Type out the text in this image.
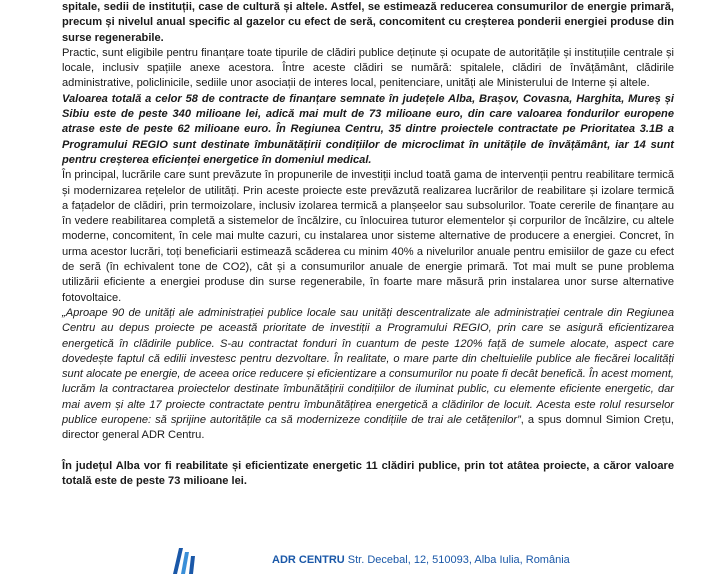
spitale, sedii de instituții, case de cultură și altele. Astfel, se estimează reducerea consumurilor de energie primară, precum și nivelul anual specific al gazelor cu efect de seră, concomitent cu creșterea ponderii energiei produse din surse regenerabile.

Practic, sunt eligibile pentru finanțare toate tipurile de clădiri publice deținute și ocupate de autoritățile și instituțiile centrale și locale, inclusiv spațiile anexe acestora. Între aceste clădiri se numără: spitalele, clădiri de învățământ, clădirile administrative, policlinicile, sediile unor asociații de interes local, penitenciare, unități ale Ministerului de Interne și altele.

Valoarea totală a celor 58 de contracte de finanțare semnate în județele Alba, Brașov, Covasna, Harghita, Mureș și Sibiu este de peste 340 milioane lei, adică mai mult de 73 milioane euro, din care valoarea fondurilor europene atrase este de peste 62 milioane euro. În Regiunea Centru, 35 dintre proiectele contractate pe Prioritatea 3.1B a Programului REGIO sunt destinate îmbunătățirii condițiilor de microclimat în unitățile de învățământ, iar 14 sunt pentru creșterea eficienței energetice în domeniul medical.

În principal, lucrările care sunt prevăzute în propunerile de investiții includ toată gama de intervenții pentru reabilitare termică și modernizarea rețelelor de utilități. Prin aceste proiecte este prevăzută realizarea lucrărilor de reabilitare și izolare termică a fațadelor de clădiri, prin termoizolare, inclusiv izolarea termică a planșeelor sau subsolurilor. Toate cererile de finanțare au în vedere reabilitarea completă a sistemelor de încălzire, cu înlocuirea tuturor elementelor și corpurilor de încălzire, cu altele moderne, concomitent, în cele mai multe cazuri, cu instalarea unor sisteme alternative de producere a energiei. Concret, în urma acestor lucrări, toți beneficiarii estimează scăderea cu minim 40% a nivelurilor anuale pentru emisiilor de gaze cu efect de seră (în echivalent tone de CO2), cât și a consumurilor anuale de energie primară. Tot mai mult se pune problema utilizării eficiente a energiei produse din surse regenerabile, în foarte mare măsură prin instalarea unor surse alternative fotovoltaice.

„Aproape 90 de unități ale administrației publice locale sau unități descentralizate ale administrației centrale din Regiunea Centru au depus proiecte pe această prioritate de investiții a Programului REGIO, prin care se asigură eficientizarea energetică în clădirile publice. S-au contractat fonduri în cuantum de peste 120% față de sumele alocate, aspect care dovedește faptul că edilii investesc pentru dezvoltare. În realitate, o mare parte din cheltuielile publice ale fiecărei localități sunt alocate pe energie, de aceea orice reducere și eficientizare a consumurilor nu poate fi decât benefică. În acest moment, lucrăm la contractarea proiectelor destinate îmbunătățirii condițiilor de iluminat public, cu elemente eficiente energetic, dar mai avem și alte 17 proiecte contractate pentru îmbunătățirea energetică a clădirilor de locuit. Acesta este rolul resurselor publice europene: să sprijine autoritățile ca să modernizeze condițiile de trai ale cetățenilor”, a spus domnul Simion Crețu, director general ADR Centru.

În județul Alba vor fi reabilitate și eficientizate energetic 11 clădiri publice, prin tot atâtea proiecte, a căror valoare totală este de peste 73 milioane lei.

ADR CENTRU Str. Decebal, 12, 510093, Alba Iulia, România
